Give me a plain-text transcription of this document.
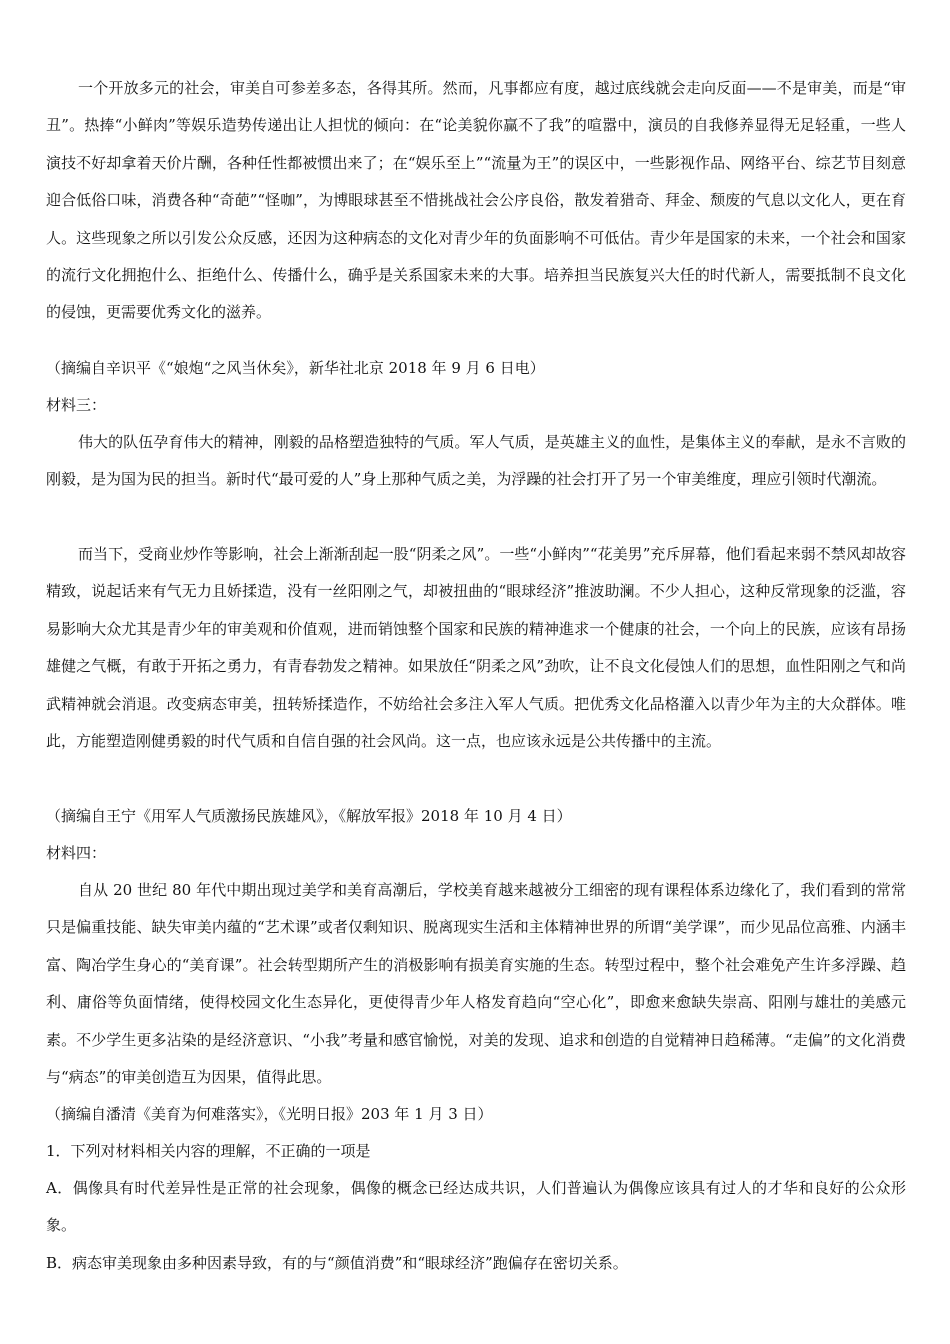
一个开放多元的社会，审美自可参差多态，各得其所。然而，凡事都应有度，越过底线就会走向反面——不是审美，而是“审丑”。热捧“小鲜肉”等娱乐造势传递出让人担忧的倾向：在“论美貌你赢不了我”的喧嚣中，演员的自我修养显得无足轻重，一些人演技不好却拿着天价片酬，各种任性都被惯出来了；在“娱乐至上”“流量为王”的误区中，一些影视作品、网络平台、综艺节目刻意迎合低俗口味，消费各种“奇葩”“怪咖”，为博眼球甚至不惜挑战社会公序良俗，散发着猎奇、拜金、颓废的气息以文化人，更在育人。这些现象之所以引发公众反感，还因为这种病态的文化对青少年的负面影响不可低估。青少年是国家的未来，一个社会和国家的流行文化拥抱什么、拒绝什么、传播什么，确乎是关系国家未来的大事。培养担当民族复兴大任的时代新人，需要抵制不良文化的侵蚀，更需要优秀文化的滋养。

（摘编自辛识平《“娘炮“之风当休矣》，新华社北京 2018 年 9 月 6 日电）

材料三：

伟大的队伍孕育伟大的精神，刚毅的品格塑造独特的气质。军人气质，是英雄主义的血性，是集体主义的奉献，是永不言败的刚毅，是为国为民的担当。新时代“最可爱的人”身上那种气质之美，为浮躁的社会打开了另一个审美维度，理应引领时代潮流。

而当下，受商业炒作等影响，社会上渐渐刮起一股“阴柔之风”。一些“小鲜肉”“花美男”充斥屏幕，他们看起来弱不禁风却故容精致，说起话来有气无力且娇揉造，没有一丝阳刚之气，却被扭曲的“眼球经济”推波助澜。不少人担心，这种反常现象的泛滥，容易影响大众尤其是青少年的审美观和价值观，进而销蚀整个国家和民族的精神進求一个健康的社会，一个向上的民族，应该有昂扬雄健之气概，有敢于开拓之勇力，有青春勃发之精神。如果放任“阴柔之风”劲吹，让不良文化侵蚀人们的思想，血性阳刚之气和尚武精神就会消退。改变病态审美，扭转矫揉造作，不妨给社会多注入军人气质。把优秀文化品格灌入以青少年为主的大众群体。唯此，方能塑造刚健勇毅的时代气质和自信自强的社会风尚。这一点，也应该永远是公共传播中的主流。

（摘编自王宁《用军人气质激扬民族雄风》，《解放军报》2018 年 10 月 4 日）

材料四：

自从 20 世纪 80 年代中期出现过美学和美育高潮后，学校美育越来越被分工细密的现有课程体系边缘化了，我们看到的常常只是偏重技能、缺失审美内蕴的“艺术课”或者仅剩知识、脱离现实生活和主体精神世界的所谓“美学课”，而少见品位高雅、内涵丰富、陶冶学生身心的“美育课”。社会转型期所产生的消极影响有损美育实施的生态。转型过程中，整个社会难免产生许多浮躁、趋利、庸俗等负面情绪，使得校园文化生态异化，更使得青少年人格发育趋向“空心化”，即愈来愈缺失崇高、阳刚与雄壮的美感元素。不少学生更多沾染的是经济意识、“小我”考量和感官愉悦，对美的发现、追求和创造的自觉精神日趋稀薄。“走偏”的文化消费与“病态”的审美创造互为因果，值得此思。

（摘编自潘清《美育为何难落实》，《光明日报》203 年 1 月 3 日）

1．下列对材料相关内容的理解，不正确的一项是

A．偶像具有时代差异性是正常的社会现象，偶像的概念已经达成共识，人们普遍认为偶像应该具有过人的才华和良好的公众形象。

B．病态审美现象由多种因素导致，有的与“颜值消费”和“眼球经济”跑偏存在密切关系。
